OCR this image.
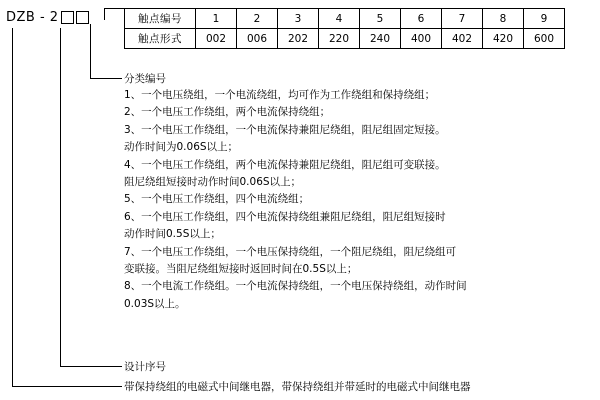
DZB - 2	触点编号	1	2	3	4	5	6	7	8	9
触点形式	002	006	202	220	240	400	402	420	600
分类编号
1、一个电压绕组，一个电流绕组，均可作为工作绕组和保持绕组；
2、一个电压工作绕组，两个电流保持绕组；
3、一个电压工作绕组，一个电流保持兼阻尼绕组，阻尼组固定短接。
动作时间为0.06S以上；
4、一个电压工作绕组，两个电流保持兼阻尼绕组，阻尼组可变联接。
阻尼绕组短接时动作时间0.06S以上；
5、一个电压工作绕组，四个电流绕组；
6、一个电压工作绕组，四个电流保持绕组兼阻尼绕组，阻尼组短接时
动作时间0.5S以上；
7、一个电压工作绕组，一个电压保持绕组，一个阻尼绕组，阻尼绕组可
变联接。当阻尼绕组短接时返回时间在0.5S以上；
8、一个电流工作绕组。一个电流保持绕组，一个电压保持绕组，动作时间
0.03S以上。
设计序号
带保持绕组的电磁式中间继电器，带保持绕组并带延时的电磁式中间继电器
